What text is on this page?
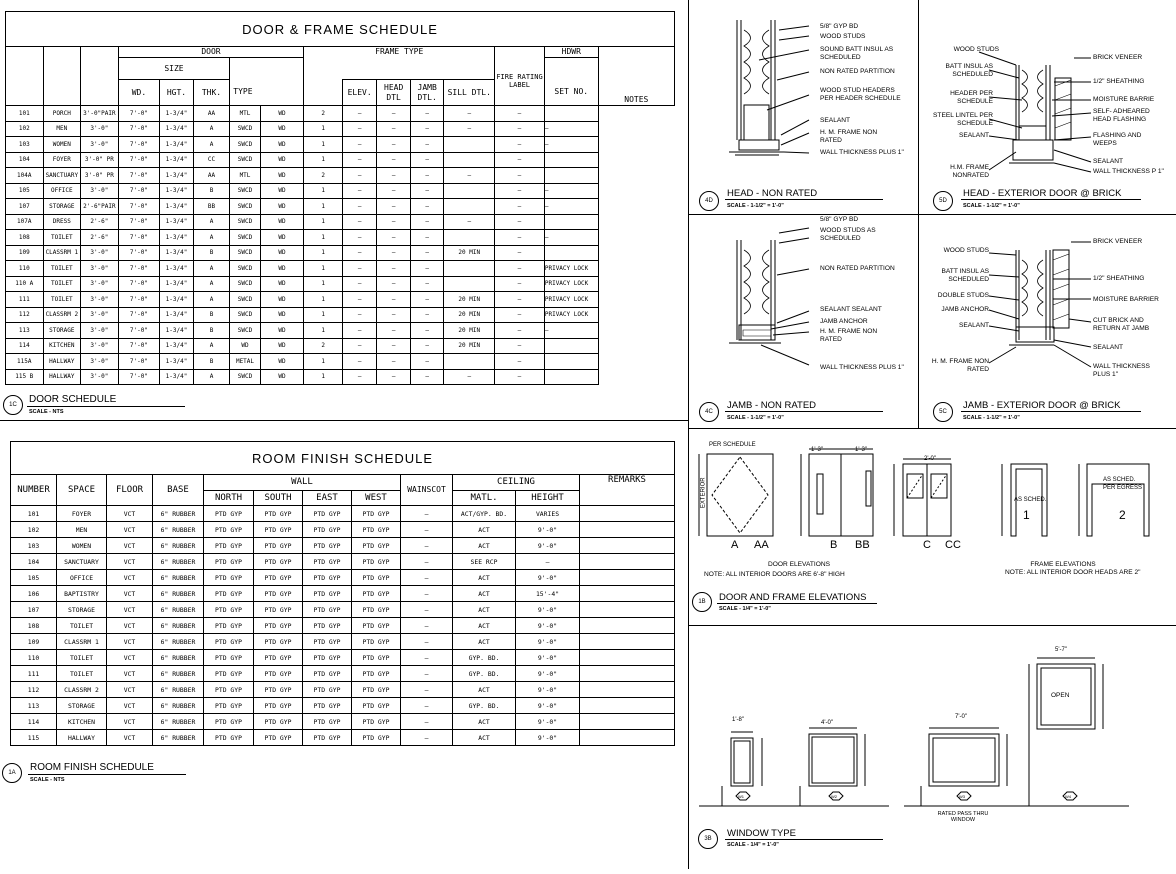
DOOR & FRAME SCHEDULE															
			DOOR					FRAME TYPE						HDWR	NOTES
			SIZE										FIRE RATING LABEL		
			WD.	HGT.	THK.	TYPE			ELEV.	HEAD DTL	JAMB DTL.	SILL DTL.		SET NO.	
101	PORCH	3'-0"PAIR	7'-0"	1-3/4"	AA	MTL	WD	2	—	—	—	—	—		
102	MEN	3'-0"	7'-0"	1-3/4"	A	SWCD	WD	1	—	—	—	—	—	—	
103	WOMEN	3'-0"	7'-0"	1-3/4"	A	SWCD	WD	1	—	—	—		—	—	
104	FOYER	3'-0" PR	7'-0"	1-3/4"	CC	SWCD	WD	1	—	—	—		—		
104A	SANCTUARY	3'-0" PR	7'-0"	1-3/4"	AA	MTL	WD	2	—	—	—	—	—		
105	OFFICE	3'-0"	7'-0"	1-3/4"	B	SWCD	WD	1	—	—	—		—	—	
107	STORAGE	2'-6"PAIR	7'-0"	1-3/4"	BB	SWCD	WD	1	—	—	—		—	—	
107A	DRESS	2'-6"	7'-0"	1-3/4"	A	SWCD	WD	1	—	—	—	—	—		
108	TOILET	2'-6"	7'-0"	1-3/4"	A	SWCD	WD	1	—	—	—		—	—	
109	CLASSRM 1	3'-0"	7'-0"	1-3/4"	B	SWCD	WD	1	—	—	—	20 MIN	—		
110	TOILET	3'-0"	7'-0"	1-3/4"	A	SWCD	WD	1	—	—	—		—	PRIVACY LOCK	
110 A	TOILET	3'-0"	7'-0"	1-3/4"	A	SWCD	WD	1	—	—	—		—	PRIVACY LOCK	
111	TOILET	3'-0"	7'-0"	1-3/4"	A	SWCD	WD	1	—	—	—	20 MIN	—	PRIVACY LOCK	
112	CLASSRM 2	3'-0"	7'-0"	1-3/4"	B	SWCD	WD	1	—	—	—	20 MIN	—	PRIVACY LOCK	
113	STORAGE	3'-0"	7'-0"	1-3/4"	B	SWCD	WD	1	—	—	—	20 MIN	—	—	
114	KITCHEN	3'-0"	7'-0"	1-3/4"	A	WD	WD	2	—	—	—	20 MIN	—		
115A	HALLWAY	3'-0"	7'-0"	1-3/4"	B	METAL	WD	1	—	—	—		—		
115 B	HALLWAY	3'-0"	7'-0"	1-3/4"	A	SWCD	WD	1	—	—	—	—	—		
1C	DOOR SCHEDULE
SCALE - NTS
ROOM FINISH SCHEDULE											
NUMBER	SPACE	FLOOR	BASE	WALL				WAINSCOT	CEILING		REMARKS
				NORTH	SOUTH	EAST	WEST		MATL.	HEIGHT	
101	FOYER	VCT	6" RUBBER	PTD GYP	PTD GYP	PTD GYP	PTD GYP	—	ACT/GYP. BD.	VARIES	
102	MEN	VCT	6" RUBBER	PTD GYP	PTD GYP	PTD GYP	PTD GYP	—	ACT	9'-0"	
103	WOMEN	VCT	6" RUBBER	PTD GYP	PTD GYP	PTD GYP	PTD GYP	—	ACT	9'-0"	
104	SANCTUARY	VCT	6" RUBBER	PTD GYP	PTD GYP	PTD GYP	PTD GYP	—	SEE RCP	—	
105	OFFICE	VCT	6" RUBBER	PTD GYP	PTD GYP	PTD GYP	PTD GYP	—	ACT	9'-0"	
106	BAPTISTRY	VCT	6" RUBBER	PTD GYP	PTD GYP	PTD GYP	PTD GYP	—	ACT	15'-4"	
107	STORAGE	VCT	6" RUBBER	PTD GYP	PTD GYP	PTD GYP	PTD GYP	—	ACT	9'-0"	
108	TOILET	VCT	6" RUBBER	PTD GYP	PTD GYP	PTD GYP	PTD GYP	—	ACT	9'-0"	
109	CLASSRM 1	VCT	6" RUBBER	PTD GYP	PTD GYP	PTD GYP	PTD GYP	—	ACT	9'-0"	
110	TOILET	VCT	6" RUBBER	PTD GYP	PTD GYP	PTD GYP	PTD GYP	—	GYP. BD.	9'-0"	
111	TOILET	VCT	6" RUBBER	PTD GYP	PTD GYP	PTD GYP	PTD GYP	—	GYP. BD.	9'-0"	
112	CLASSRM 2	VCT	6" RUBBER	PTD GYP	PTD GYP	PTD GYP	PTD GYP	—	ACT	9'-0"	
113	STORAGE	VCT	6" RUBBER	PTD GYP	PTD GYP	PTD GYP	PTD GYP	—	GYP. BD.	9'-0"	
114	KITCHEN	VCT	6" RUBBER	PTD GYP	PTD GYP	PTD GYP	PTD GYP	—	ACT	9'-0"	
115	HALLWAY	VCT	6" RUBBER	PTD GYP	PTD GYP	PTD GYP	PTD GYP	—	ACT	9'-0"	
1A	ROOM FINISH SCHEDULE
SCALE - NTS
5/8" GYP BD
WOOD STUDS
SOUND BATT INSUL AS SCHEDULED
NON RATED PARTITION
WOOD STUD HEADERS PER HEADER SCHEDULE
SEALANT
H. M. FRAME NON RATED
WALL THICKNESS PLUS 1"
4D
HEAD - NON RATED
SCALE - 1-1/2" = 1'-0"
WOOD STUDS
BATT INSUL AS SCHEDULED
HEADER PER SCHEDULE
STEEL LINTEL PER SCHEDULE
SEALANT
H.M. FRAME NONRATED
BRICK VENEER
1/2" SHEATHING
MOISTURE BARRIE
SELF- ADHEARED HEAD FLASHING
FLASHING AND WEEPS
SEALANT
WALL THICKNESS P 1"
5D
HEAD - EXTERIOR DOOR @ BRICK
SCALE - 1-1/2" = 1'-0"
5/8" GYP BD
WOOD STUDS AS SCHEDULED
NON RATED PARTITION
SEALANT SEALANT
JAMB ANCHOR
H. M. FRAME NON RATED
WALL THICKNESS PLUS 1"
4C
JAMB - NON RATED
SCALE - 1-1/2" = 1'-0"
WOOD STUDS
BATT INSUL AS SCHEDULED
DOUBLE STUDS
JAMB ANCHOR
SEALANT
H. M. FRAME NON RATED
BRICK VENEER
1/2" SHEATHING
MOISTURE BARRIER
CUT BRICK AND RETURN AT JAMB
SEALANT
WALL THICKNESS PLUS 1"
5C
JAMB - EXTERIOR DOOR @ BRICK
SCALE - 1-1/2" = 1'-0"
PER SCHEDULE
EXTERIOR
1'-3"	1'-3"
2'-0"
AS SCHED.
AS SCHED. PER EGRESS
A AA	B BB	C CC
1	2
DOOR ELEVATIONS
NOTE: ALL INTERIOR DOORS ARE 6'-8" HIGH
FRAME ELEVATIONS
NOTE: ALL INTERIOR DOOR HEADS ARE 2"
1B	DOOR AND FRAME ELEVATIONS
SCALE - 1/4" = 1'-0"
1'-8"	4'-0"
7'-0"
5'-7"
OPEN
RATED PASS THRU WINDOW
W1	W2	W3	W4
3B	WINDOW TYPE
SCALE - 1/4" = 1'-0"
